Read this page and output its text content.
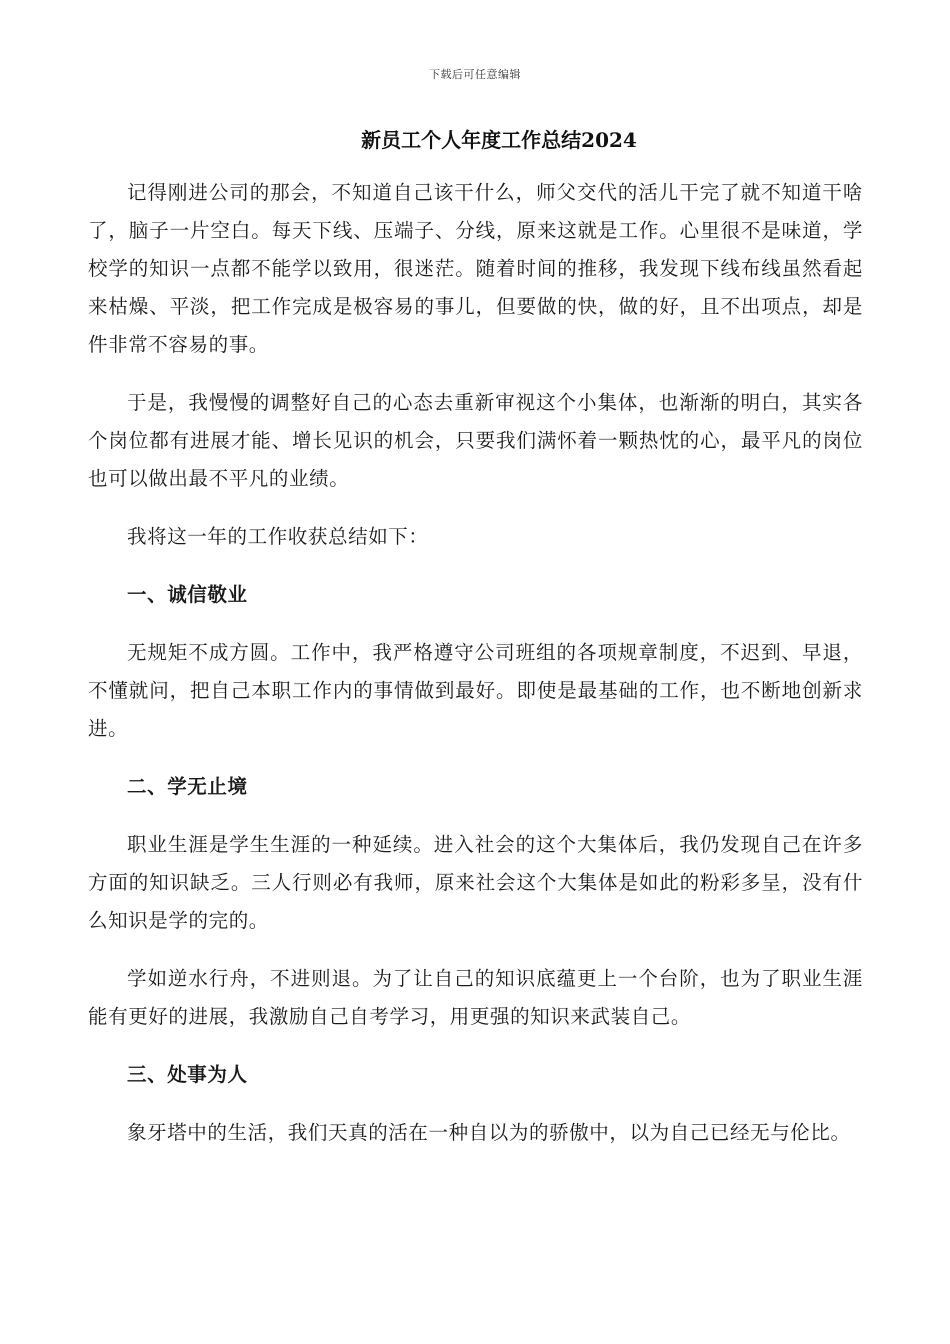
下载后可任意编辑
新员工个人年度工作总结2024

记得刚进公司的那会，不知道自己该干什么，师父交代的活儿干完了就不知道干啥了，脑子一片空白。每天下线、压端子、分线，原来这就是工作。心里很不是味道，学校学的知识一点都不能学以致用，很迷茫。随着时间的推移，我发现下线布线虽然看起来枯燥、平淡，把工作完成是极容易的事儿，但要做的快，做的好，且不出项点，却是件非常不容易的事。

于是，我慢慢的调整好自己的心态去重新审视这个小集体，也渐渐的明白，其实各个岗位都有进展才能、增长见识的机会，只要我们满怀着一颗热忱的心，最平凡的岗位也可以做出最不平凡的业绩。

我将这一年的工作收获总结如下：

一、诚信敬业

无规矩不成方圆。工作中，我严格遵守公司班组的各项规章制度，不迟到、早退，不懂就问，把自己本职工作内的事情做到最好。即使是最基础的工作，也不断地创新求进。

二、学无止境

职业生涯是学生生涯的一种延续。进入社会的这个大集体后，我仍发现自己在许多方面的知识缺乏。三人行则必有我师，原来社会这个大集体是如此的粉彩多呈，没有什么知识是学的完的。

学如逆水行舟，不进则退。为了让自己的知识底蕴更上一个台阶，也为了职业生涯能有更好的进展，我激励自己自考学习，用更强的知识来武装自己。

三、处事为人

象牙塔中的生活，我们天真的活在一种自以为的骄傲中，以为自己已经无与伦比。
